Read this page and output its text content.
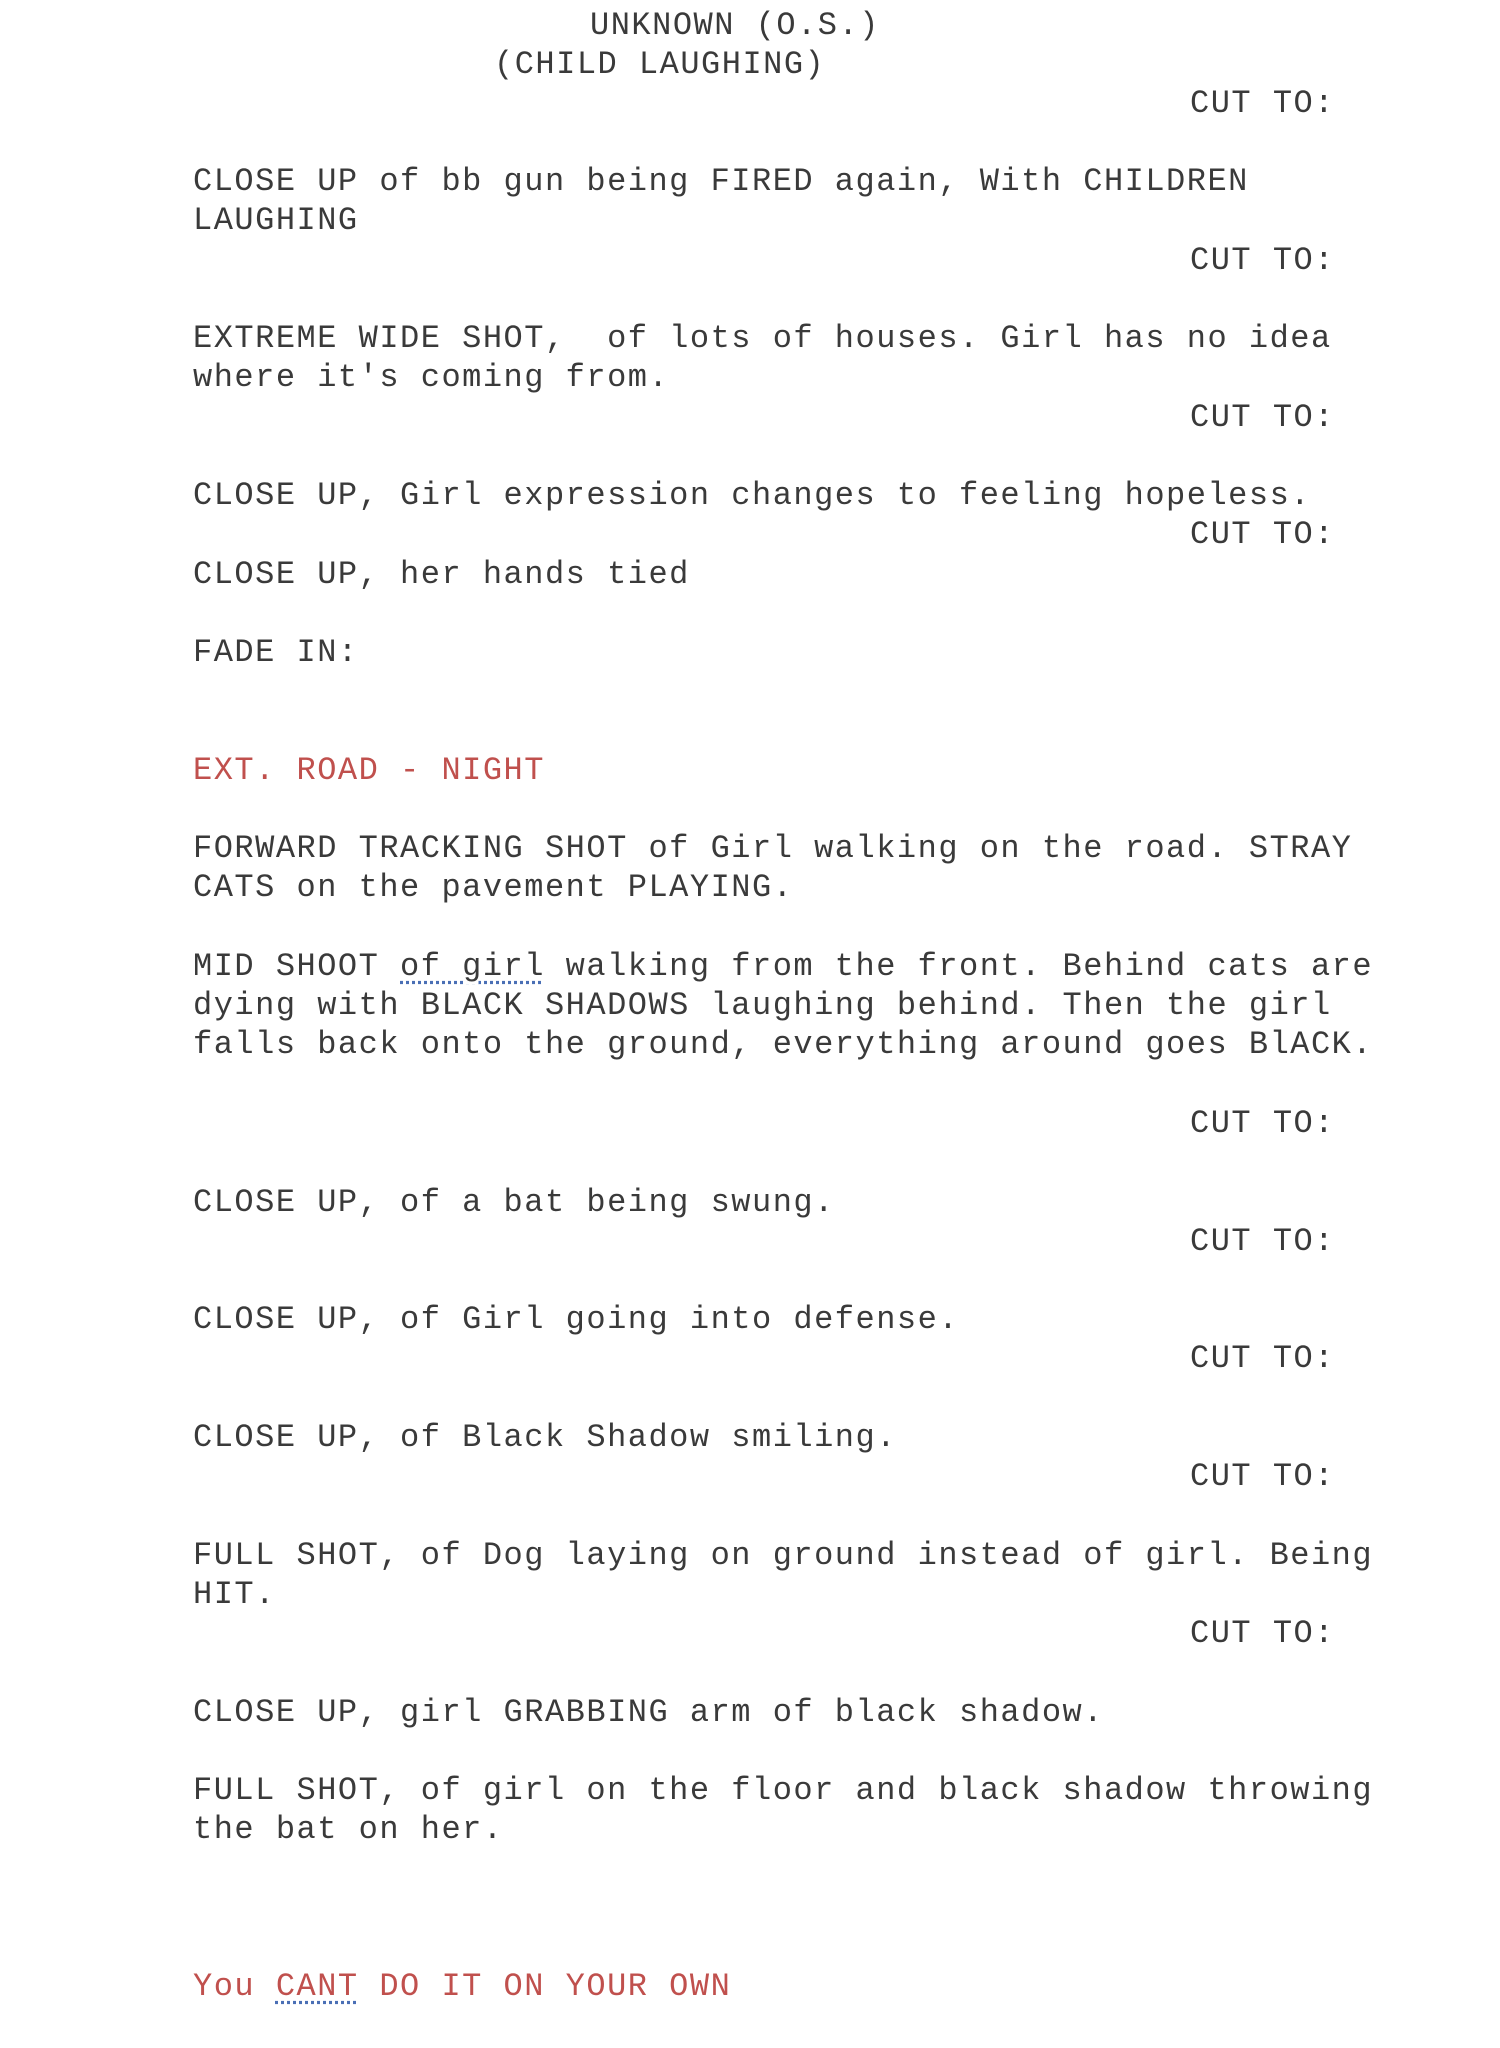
UNKNOWN (O.S.)
(CHILD LAUGHING)
CUT TO:
CLOSE UP of bb gun being FIRED again, With CHILDREN
LAUGHING
CUT TO:
EXTREME WIDE SHOT,  of lots of houses. Girl has no idea
where it's coming from.
CUT TO:
CLOSE UP, Girl expression changes to feeling hopeless.
CUT TO:
CLOSE UP, her hands tied
FADE IN:
EXT. ROAD - NIGHT
FORWARD TRACKING SHOT of Girl walking on the road. STRAY
CATS on the pavement PLAYING.
MID SHOOT of girl walking from the front. Behind cats are
dying with BLACK SHADOWS laughing behind. Then the girl
falls back onto the ground, everything around goes BlACK.
CUT TO:
CLOSE UP, of a bat being swung.
CUT TO:
CLOSE UP, of Girl going into defense.
CUT TO:
CLOSE UP, of Black Shadow smiling.
CUT TO:
FULL SHOT, of Dog laying on ground instead of girl. Being
HIT.
CUT TO:
CLOSE UP, girl GRABBING arm of black shadow.
FULL SHOT, of girl on the floor and black shadow throwing
the bat on her.
You CANT DO IT ON YOUR OWN
